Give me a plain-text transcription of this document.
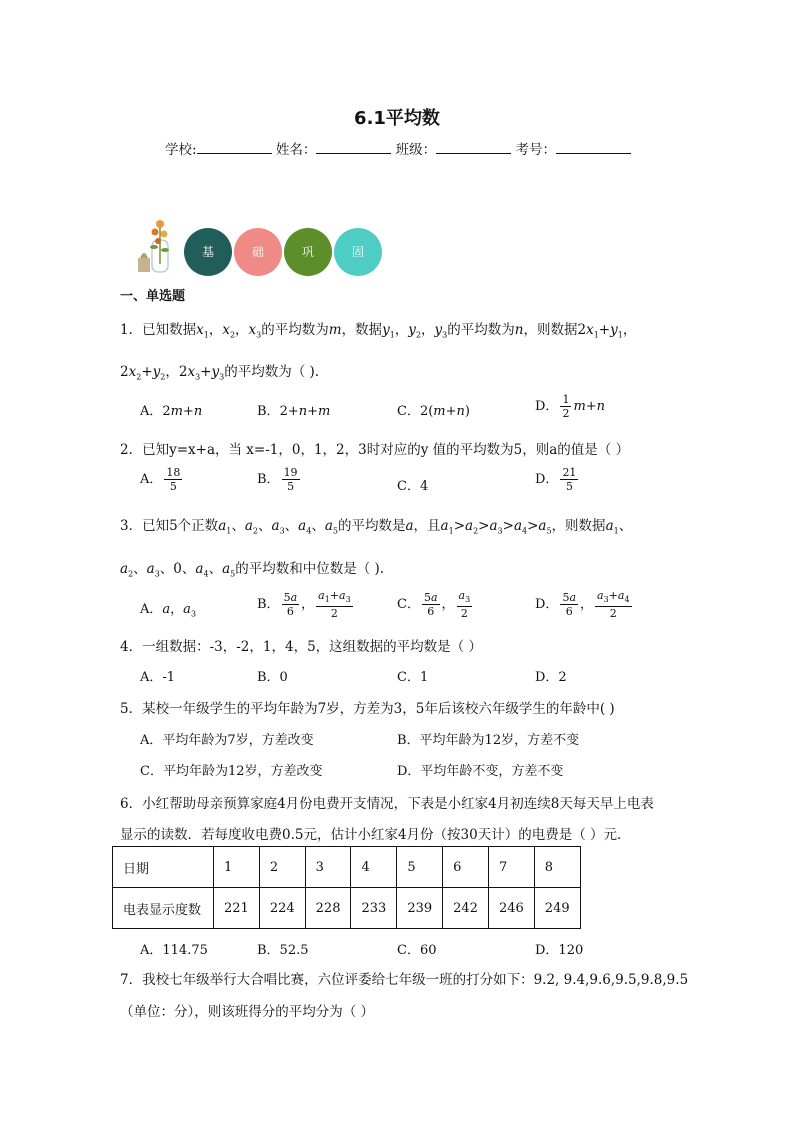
6.1平均数
学校:	姓名：	班级：	考号：
基	础	巩	固
一、单选题
1．已知数据$x_1$，$x_2$，$x_3$的平均数为m，数据$y_1$，$y_2$，$y_3$的平均数为n，则数据$2x_1+y_1$，
$2x_2+y_2$，$2x_3+y_3$的平均数为（ ).
A．2m+n	B．2+n+m	C．2(m+n)	D． $\frac{1}{2} m+n$
2．已知y=x+a，当 x=-1，0，1，2，3时对应的y 值的平均数为5，则a的值是（ ）
A． $\frac{18}{5}$	B． $\frac{19}{5}$	C．4	D． $\frac{21}{5}$
3．已知5个正数$a_1$、$a_2$、$a_3$、$a_4$、$a_5$的平均数是a，且$a_1>a_2>a_3>a_4>a_5$，则数据$a_1$、
$a_2$、$a_3$、0、$a_4$、$a_5$的平均数和中位数是（ ).
A．a，$a_3$
B． $\frac{5a}{6}$ ， $\frac{a_1+a_3}{2}$	C． $\frac{5a}{6}$ ， $\frac{a_3}{2}$	D． $\frac{5a}{6}$ ， $\frac{a_3+a_4}{2}$
4．一组数据：-3，-2，1，4，5，这组数据的平均数是（ ）
A．-1	B．0	C．1	D．2
5．某校一年级学生的平均年龄为7岁，方差为3，5年后该校六年级学生的年龄中( )
A．平均年龄为7岁，方差改变	B．平均年龄为12岁，方差不变
C．平均年龄为12岁，方差改变	D．平均年龄不变，方差不变
6．小红帮助母亲预算家庭4月份电费开支情况，下表是小红家4月初连续8天每天早上电表
显示的读数．若每度收电费0.5元，估计小红家4月份（按30天计）的电费是（ ）元．
日期	1	2	3	4	5	6	7	8
电表显示度数	221	224	228	233	239	242	246	249
A．114.75	B．52.5	C．60	D．120
7．我校七年级举行大合唱比赛，六位评委给七年级一班的打分如下：9.2, 9.4,9.6,9.5,9.8,9.5
（单位：分），则该班得分的平均分为（ ）
